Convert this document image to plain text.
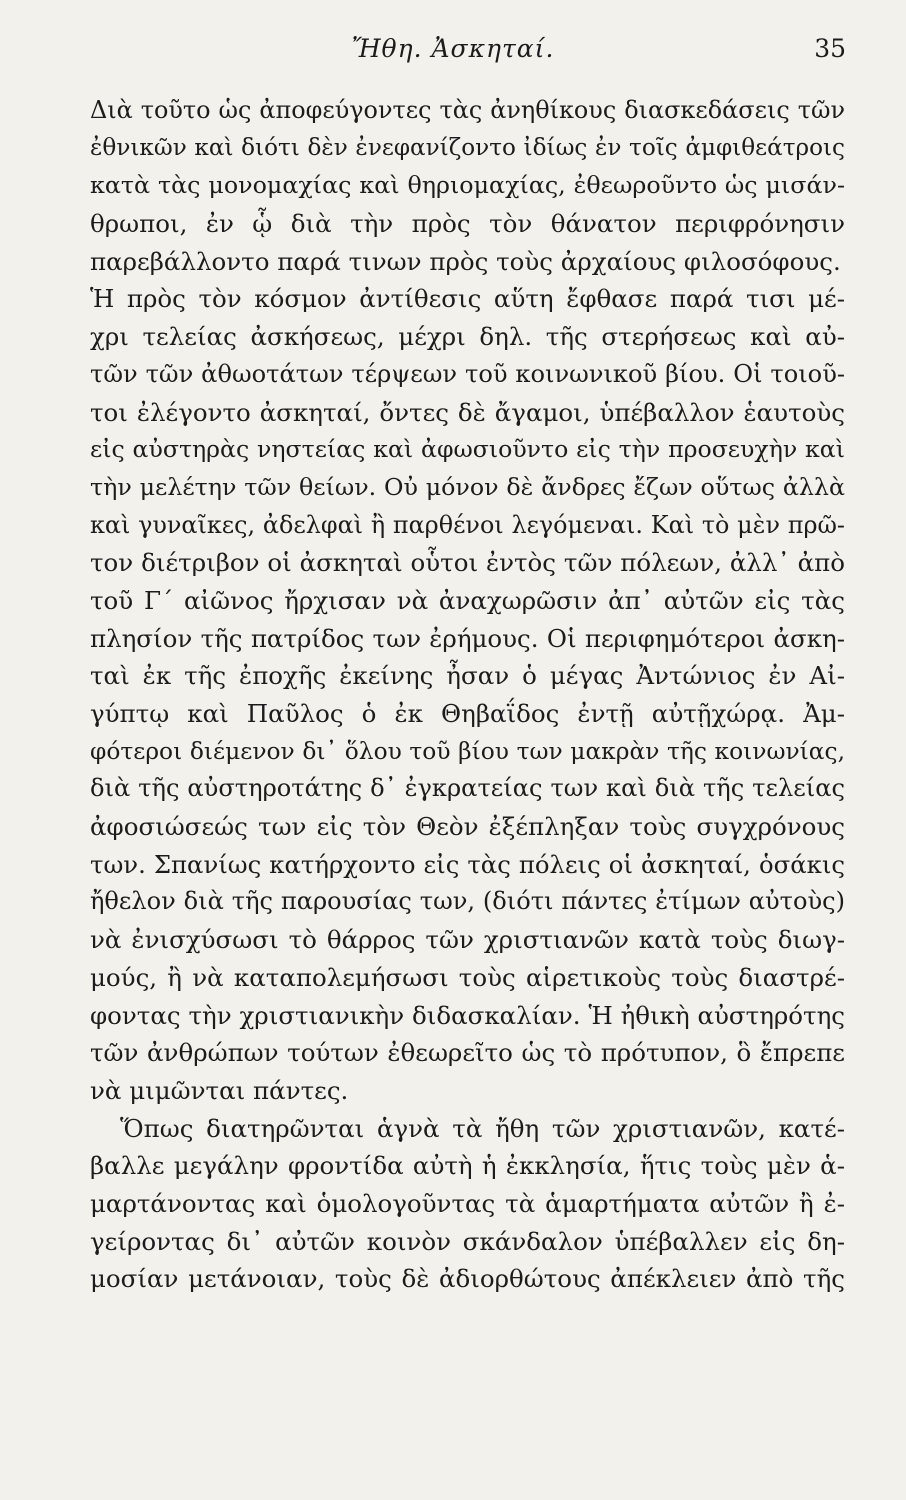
Ἤθη. Ἀσκηταί.	35
Διὰ τοῦτο ὡς ἀποφεύγοντες τὰς ἀνηθίκους διασκεδάσεις τῶν
ἐθνικῶν καὶ διότι δὲν ἐνεφανίζοντο ἰδίως ἐν τοῖς ἀμφιθεάτροις
κατὰ τὰς μονομαχίας καὶ θηριομαχίας, ἐθεωροῦντο ὡς μισάν-
θρωποι, ἐν ᾧ διὰ τὴν πρὸς τὸν θάνατον περιφρόνησιν
παρεβάλλοντο παρά τινων πρὸς τοὺς ἀρχαίους φιλοσόφους.
Ἡ πρὸς τὸν κόσμον ἀντίθεσις αὕτη ἔφθασε παρά τισι μέ-
χρι τελείας ἀσκήσεως, μέχρι δηλ. τῆς στερήσεως καὶ αὐ-
τῶν τῶν ἀθωοτάτων τέρψεων τοῦ κοινωνικοῦ βίου. Οἱ τοιοῦ-
τοι ἐλέγοντο ἀσκηταί, ὄντες δὲ ἄγαμοι, ὑπέβαλλον ἑαυτοὺς
εἰς αὐστηρὰς νηστείας καὶ ἀφωσιοῦντο εἰς τὴν προσευχὴν καὶ
τὴν μελέτην τῶν θείων. Οὐ μόνον δὲ ἄνδρες ἔζων οὕτως ἀλλὰ
καὶ γυναῖκες, ἀδελφαὶ ἢ παρθένοι λεγόμεναι. Καὶ τὸ μὲν πρῶ-
τον διέτριβον οἱ ἀσκηταὶ οὗτοι ἐντὸς τῶν πόλεων, ἀλλ᾽ ἀπὸ
τοῦ Γ´ αἰῶνος ἤρχισαν νὰ ἀναχωρῶσιν ἀπ᾽ αὐτῶν εἰς τὰς
πλησίον τῆς πατρίδος των ἐρήμους. Οἱ περιφημότεροι ἀσκη-
ταὶ ἐκ τῆς ἐποχῆς ἐκείνης ἦσαν ὁ μέγας Ἀντώνιος ἐν Αἰ-
γύπτῳ καὶ Παῦλος ὁ ἐκ Θηβαΐδος ἐντῇ αὐτῇχώρᾳ. Ἀμ-
φότεροι διέμενον δι᾽ ὅλου τοῦ βίου των μακρὰν τῆς κοινωνίας,
διὰ τῆς αὐστηροτάτης δ᾽ ἐγκρατείας των καὶ διὰ τῆς τελείας
ἀφοσιώσεώς των εἰς τὸν Θεὸν ἐξέπληξαν τοὺς συγχρόνους
των. Σπανίως κατήρχοντο εἰς τὰς πόλεις οἱ ἀσκηταί, ὁσάκις
ἤθελον διὰ τῆς παρουσίας των, (διότι πάντες ἐτίμων αὐτοὺς)
νὰ ἐνισχύσωσι τὸ θάρρος τῶν χριστιανῶν κατὰ τοὺς διωγ-
μούς, ἢ νὰ καταπολεμήσωσι τοὺς αἱρετικοὺς τοὺς διαστρέ-
φοντας τὴν χριστιανικὴν διδασκαλίαν. Ἡ ἠθικὴ αὐστηρότης
τῶν ἀνθρώπων τούτων ἐθεωρεῖτο ὡς τὸ πρότυπον, ὃ ἔπρεπε
νὰ μιμῶνται πάντες.
Ὅπως διατηρῶνται ἁγνὰ τὰ ἤθη τῶν χριστιανῶν, κατέ-
βαλλε μεγάλην φροντίδα αὐτὴ ἡ ἐκκλησία, ἥτις τοὺς μὲν ἁ-
μαρτάνοντας καὶ ὁμολογοῦντας τὰ ἁμαρτήματα αὐτῶν ἢ ἐ-
γείροντας δι᾽ αὐτῶν κοινὸν σκάνδαλον ὑπέβαλλεν εἰς δη-
μοσίαν μετάνοιαν, τοὺς δὲ ἀδιορθώτους ἀπέκλειεν ἀπὸ τῆς
